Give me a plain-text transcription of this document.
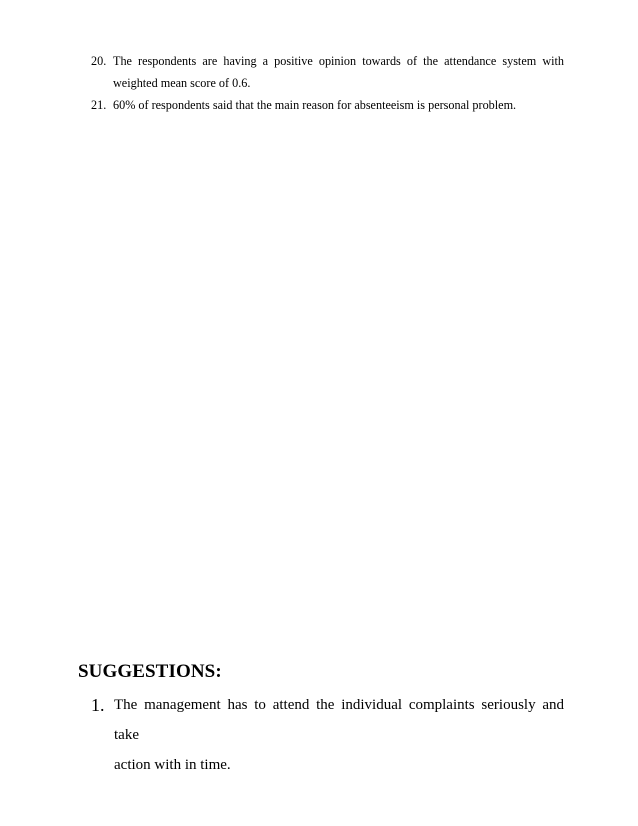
20. The respondents are having a positive opinion towards of the attendance system with
weighted mean score of 0.6.
21. 60% of respondents said that the main reason for absenteeism is personal problem.
SUGGESTIONS:
1. The management has to attend the individual complaints seriously and take
action with in time.
